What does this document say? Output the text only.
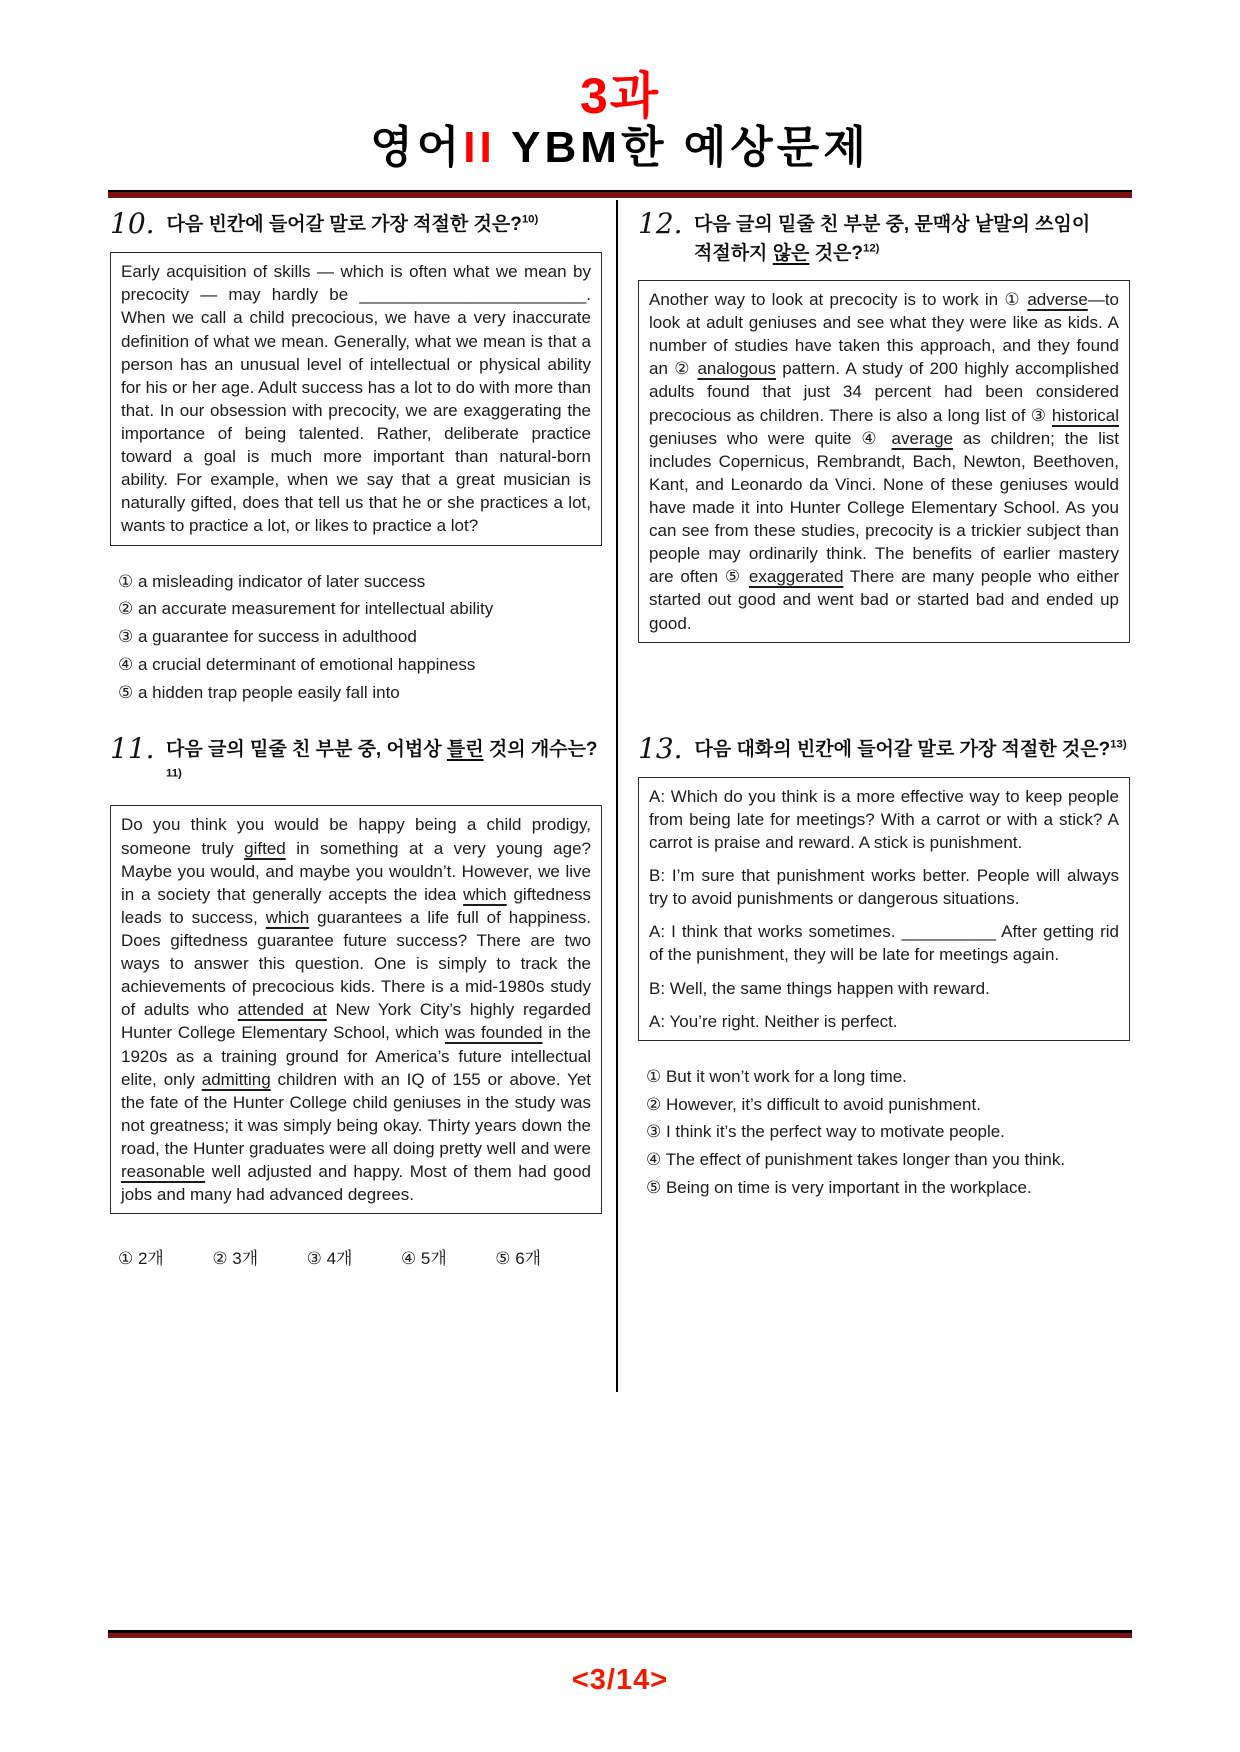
3과
영어II YBM한 예상문제
10. 다음 빈칸에 들어갈 말로 가장 적절한 것은?$^{10)}$
Early acquisition of skills — which is often what we mean by precocity — may hardly be ________________________. When we call a child precocious, we have a very inaccurate definition of what we mean. Generally, what we mean is that a person has an unusual level of intellectual or physical ability for his or her age. Adult success has a lot to do with more than that. In our obsession with precocity, we are exaggerating the importance of being talented. Rather, deliberate practice toward a goal is much more important than natural-born ability. For example, when we say that a great musician is naturally gifted, does that tell us that he or she practices a lot, wants to practice a lot, or likes to practice a lot?
① a misleading indicator of later success
② an accurate measurement for intellectual ability
③ a guarantee for success in adulthood
④ a crucial determinant of emotional happiness
⑤ a hidden trap people easily fall into
11. 다음 글의 밑줄 친 부분 중, 어법상 틀린 것의 개수는?$^{11)}$
Do you think you would be happy being a child prodigy, someone truly gifted in something at a very young age? Maybe you would, and maybe you wouldn’t. However, we live in a society that generally accepts the idea which giftedness leads to success, which guarantees a life full of happiness. Does giftedness guarantee future success? There are two ways to answer this question. One is simply to track the achievements of precocious kids. There is a mid-1980s study of adults who attended at New York City’s highly regarded Hunter College Elementary School, which was founded in the 1920s as a training ground for America’s future intellectual elite, only admitting children with an IQ of 155 or above. Yet the fate of the Hunter College child geniuses in the study was not greatness; it was simply being okay. Thirty years down the road, the Hunter graduates were all doing pretty well and were reasonable well adjusted and happy. Most of them had good jobs and many had advanced degrees.
① 2개	② 3개	③ 4개	④ 5개	⑤ 6개
12. 다음 글의 밑줄 친 부분 중, 문맥상 낱말의 쓰임이 적절하지 않은 것은?$^{12)}$
Another way to look at precocity is to work in ① adverse—to look at adult geniuses and see what they were like as kids. A number of studies have taken this approach, and they found an ② analogous pattern. A study of 200 highly accomplished adults found that just 34 percent had been considered precocious as children. There is also a long list of ③ historical geniuses who were quite ④ average as children; the list includes Copernicus, Rembrandt, Bach, Newton, Beethoven, Kant, and Leonardo da Vinci. None of these geniuses would have made it into Hunter College Elementary School. As you can see from these studies, precocity is a trickier subject than people may ordinarily think. The benefits of earlier mastery are often ⑤ exaggerated There are many people who either started out good and went bad or started bad and ended up good.
13. 다음 대화의 빈칸에 들어갈 말로 가장 적절한 것은?$^{13)}$

A: Which do you think is a more effective way to keep people from being late for meetings? With a carrot or with a stick? A carrot is praise and reward. A stick is punishment.

B: I’m sure that punishment works better. People will always try to avoid punishments or dangerous situations.

A: I think that works sometimes. __________ After getting rid of the punishment, they will be late for meetings again.

B: Well, the same things happen with reward.

A: You’re right. Neither is perfect.

① But it won’t work for a long time.
② However, it’s difficult to avoid punishment.
③ I think it’s the perfect way to motivate people.
④ The effect of punishment takes longer than you think.
⑤ Being on time is very important in the workplace.
<3/14>
